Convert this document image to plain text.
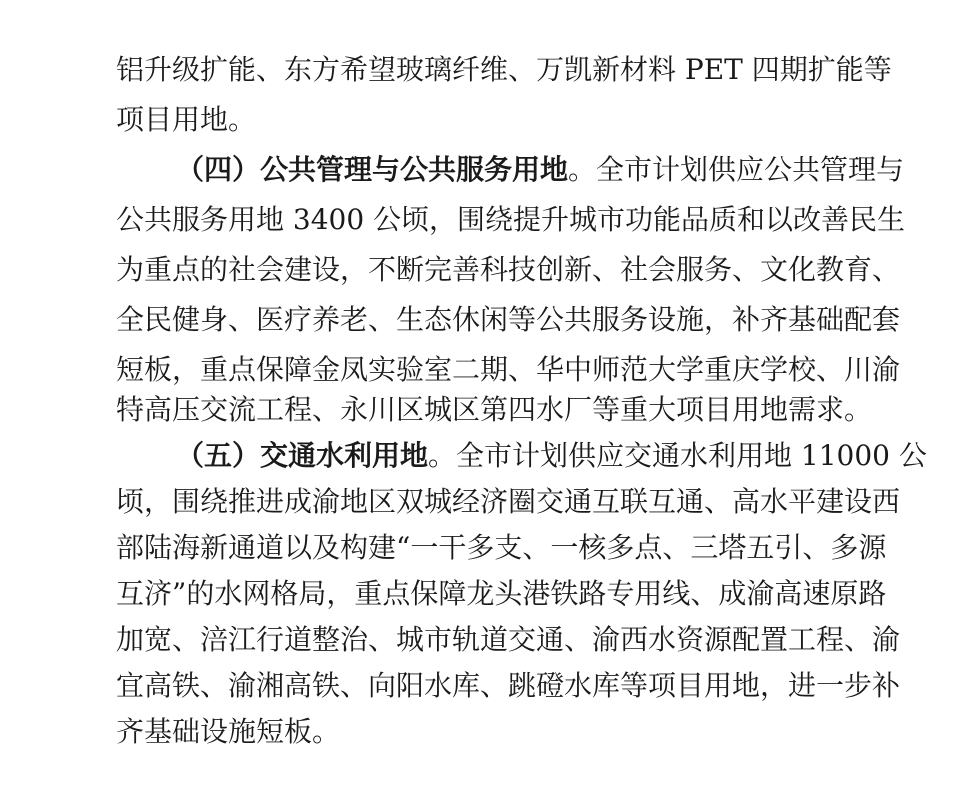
铝升级扩能、东方希望玻璃纤维、万凯新材料 PET 四期扩能等
项目用地。
（四）公共管理与公共服务用地。全市计划供应公共管理与
公共服务用地 3400 公顷，围绕提升城市功能品质和以改善民生
为重点的社会建设，不断完善科技创新、社会服务、文化教育、
全民健身、医疗养老、生态休闲等公共服务设施，补齐基础配套
短板，重点保障金凤实验室二期、华中师范大学重庆学校、川渝
特高压交流工程、永川区城区第四水厂等重大项目用地需求。
（五）交通水利用地。全市计划供应交通水利用地 11000 公
顷，围绕推进成渝地区双城经济圈交通互联互通、高水平建设西
部陆海新通道以及构建“一干多支、一核多点、三塔五引、多源
互济”的水网格局，重点保障龙头港铁路专用线、成渝高速原路
加宽、涪江行道整治、城市轨道交通、渝西水资源配置工程、渝
宜高铁、渝湘高铁、向阳水库、跳磴水库等项目用地，进一步补
齐基础设施短板。
